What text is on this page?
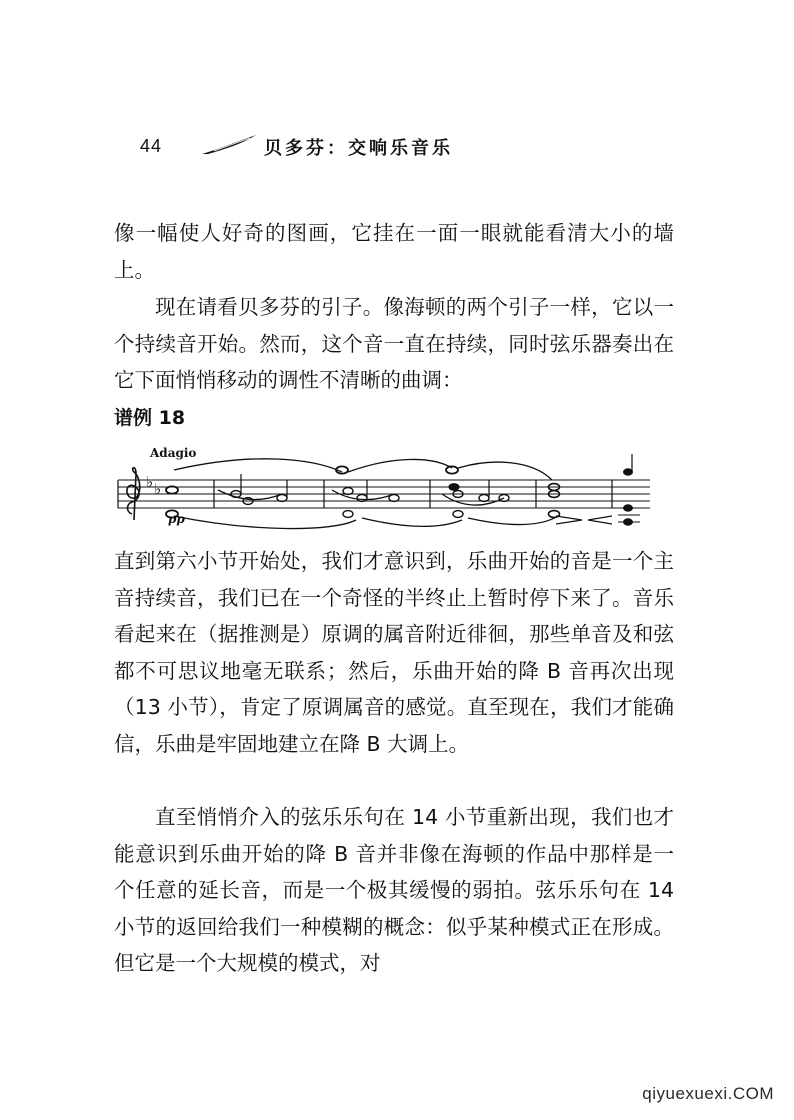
44	贝多芬：交响乐音乐

像一幅使人好奇的图画，它挂在一面一眼就能看清大小的墙上。

现在请看贝多芬的引子。像海顿的两个引子一样，它以一个持续音开始。然而，这个音一直在持续，同时弦乐器奏出在它下面悄悄移动的调性不清晰的曲调：

谱例 18

Adagio
♭ ♭
pp

直到第六小节开始处，我们才意识到，乐曲开始的音是一个主音持续音，我们已在一个奇怪的半终止上暂时停下来了。音乐看起来在（据推测是）原调的属音附近徘徊，那些单音及和弦都不可思议地毫无联系；然后，乐曲开始的降 B 音再次出现（13 小节），肯定了原调属音的感觉。直至现在，我们才能确信，乐曲是牢固地建立在降 B 大调上。

直至悄悄介入的弦乐乐句在 14 小节重新出现，我们也才能意识到乐曲开始的降 B 音并非像在海顿的作品中那样是一个任意的延长音，而是一个极其缓慢的弱拍。弦乐乐句在 14 小节的返回给我们一种模糊的概念：似乎某种模式正在形成。但它是一个大规模的模式，对

qiyuexuexi.COM
